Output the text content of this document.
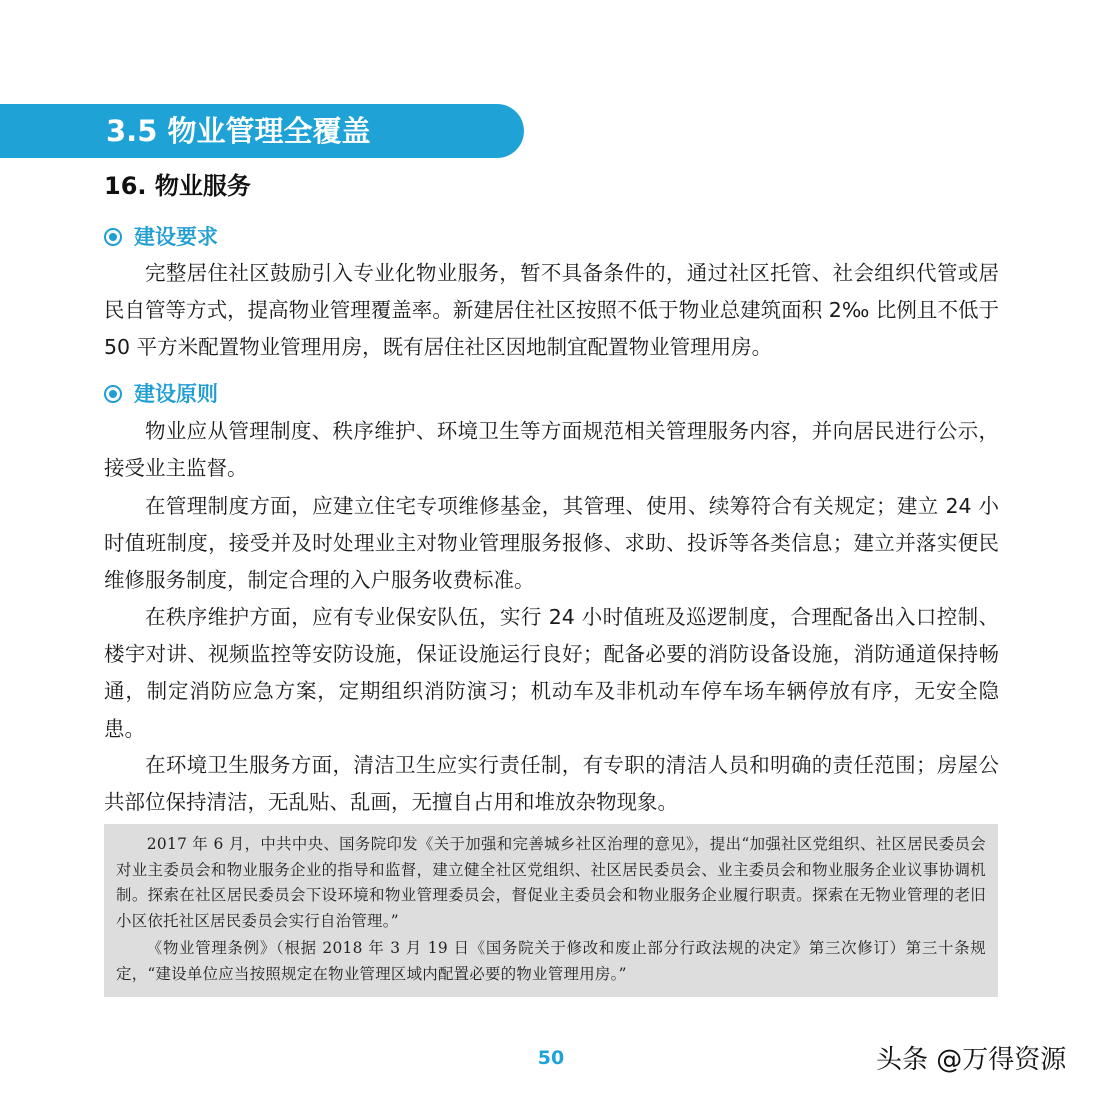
3.5 物业管理全覆盖
16. 物业服务
建设要求

完整居住社区鼓励引入专业化物业服务，暂不具备条件的，通过社区托管、社会组织代管或居民自管等方式，提高物业管理覆盖率。新建居住社区按照不低于物业总建筑面积 2‰ 比例且不低于 50 平方米配置物业管理用房，既有居住社区因地制宜配置物业管理用房。

建设原则

物业应从管理制度、秩序维护、环境卫生等方面规范相关管理服务内容，并向居民进行公示，接受业主监督。

在管理制度方面，应建立住宅专项维修基金，其管理、使用、续筹符合有关规定；建立 24 小时值班制度，接受并及时处理业主对物业管理服务报修、求助、投诉等各类信息；建立并落实便民维修服务制度，制定合理的入户服务收费标准。

在秩序维护方面，应有专业保安队伍，实行 24 小时值班及巡逻制度，合理配备出入口控制、楼宇对讲、视频监控等安防设施，保证设施运行良好；配备必要的消防设备设施，消防通道保持畅通，制定消防应急方案，定期组织消防演习；机动车及非机动车停车场车辆停放有序，无安全隐患。

在环境卫生服务方面，清洁卫生应实行责任制，有专职的清洁人员和明确的责任范围；房屋公共部位保持清洁，无乱贴、乱画，无擅自占用和堆放杂物现象。

2017 年 6 月，中共中央、国务院印发《关于加强和完善城乡社区治理的意见》，提出“加强社区党组织、社区居民委员会对业主委员会和物业服务企业的指导和监督，建立健全社区党组织、社区居民委员会、业主委员会和物业服务企业议事协调机制。探索在社区居民委员会下设环境和物业管理委员会，督促业主委员会和物业服务企业履行职责。探索在无物业管理的老旧小区依托社区居民委员会实行自治管理。”

《物业管理条例》（根据 2018 年 3 月 19 日《国务院关于修改和废止部分行政法规的决定》第三次修订）第三十条规定，“建设单位应当按照规定在物业管理区域内配置必要的物业管理用房。”

50	头条 @万得资源
